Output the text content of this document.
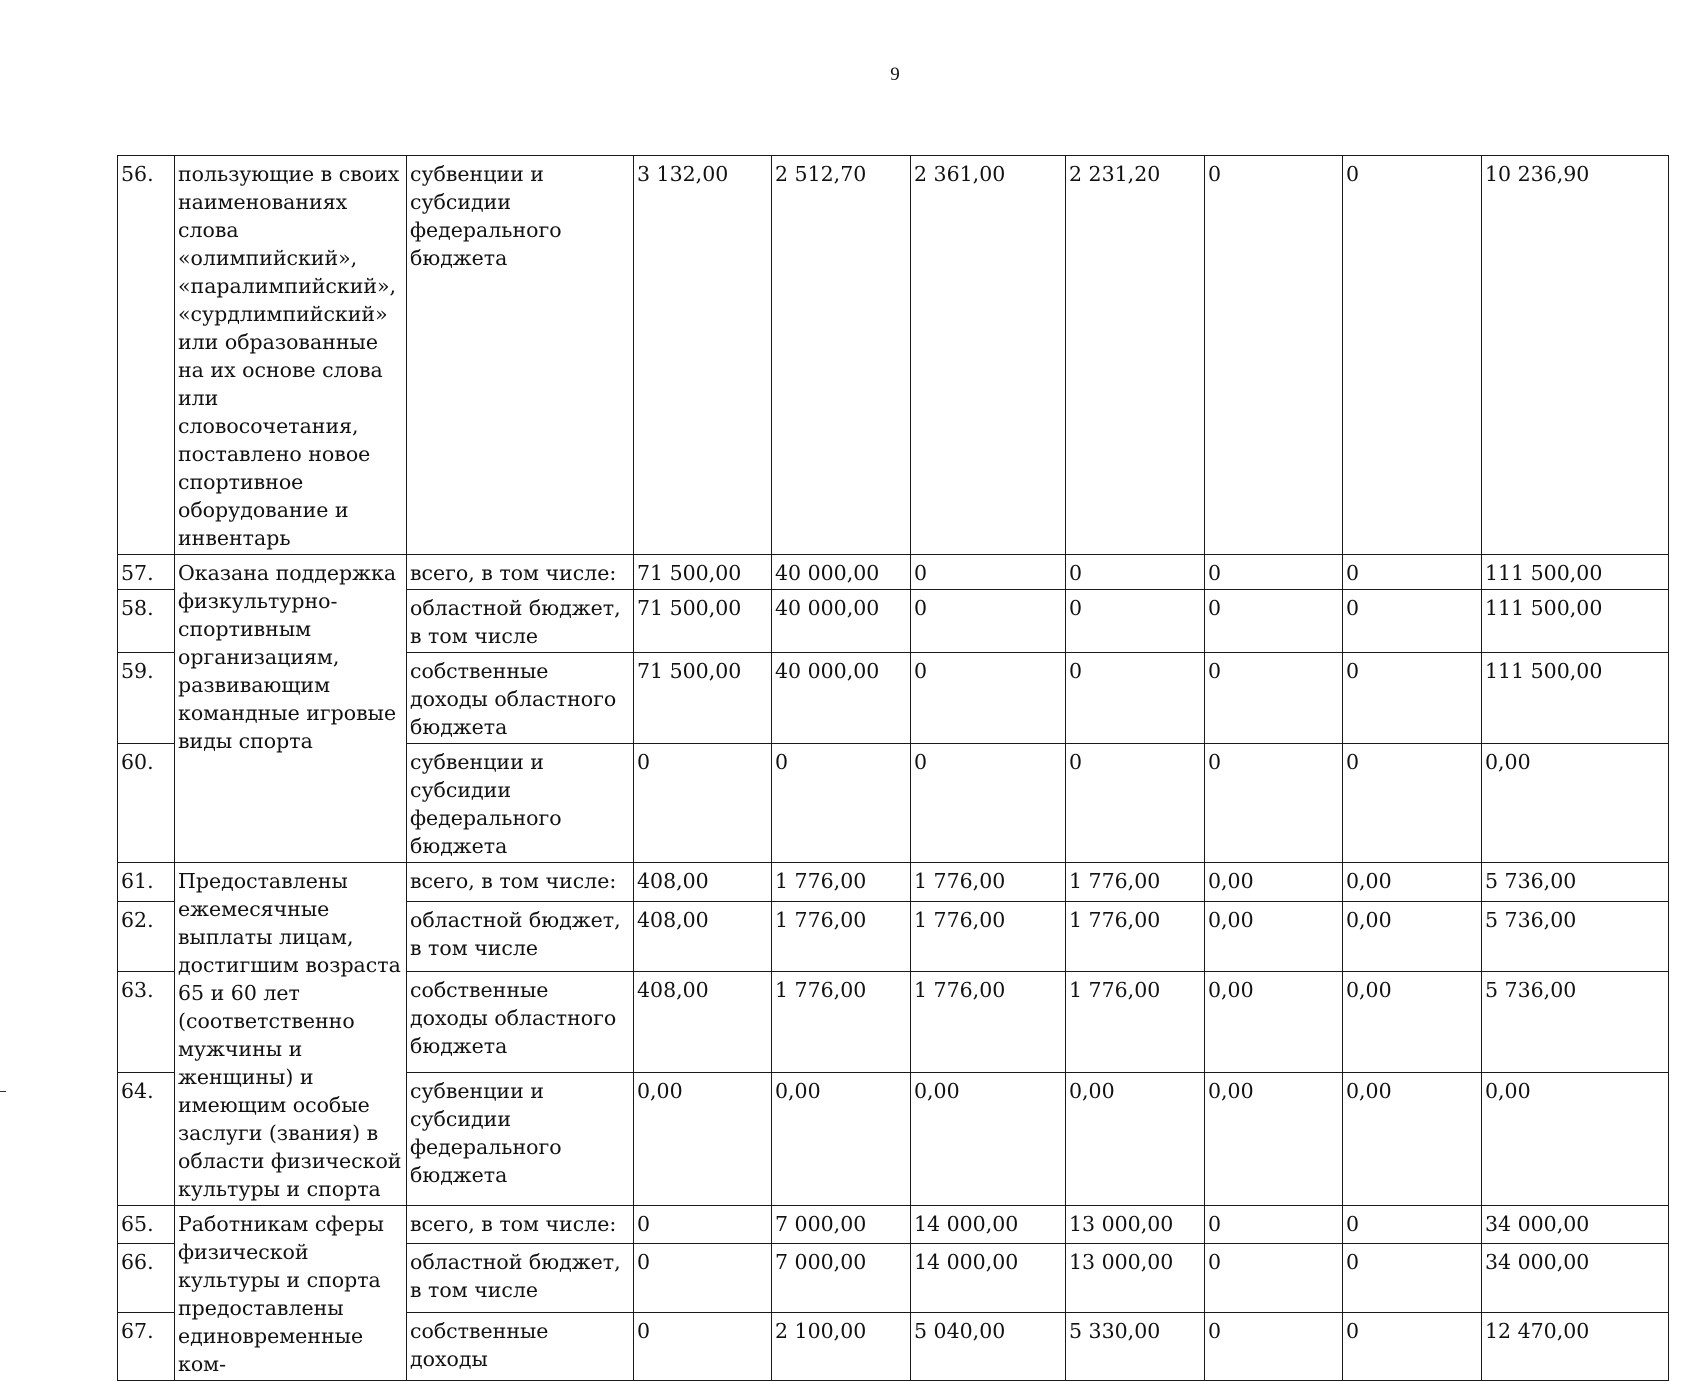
9
56.	пользующие в своих наименованиях слова «олимпийский», «паралимпийский», «сурдлимпийский» или образованные на их основе слова или словосочетания, поставлено новое спортивное оборудование и инвентарь	субвенции и субсидии федерального бюджета	3 132,00	2 512,70	2 361,00	2 231,20	0	0	10 236,90
57.	Оказана поддержка физкультурно-спортивным организациям, развивающим командные игровые виды спорта	всего, в том числе:	71 500,00	40 000,00	0	0	0	0	111 500,00
58.		областной бюджет, в том числе	71 500,00	40 000,00	0	0	0	0	111 500,00
59.		собственные доходы областного бюджета	71 500,00	40 000,00	0	0	0	0	111 500,00
60.		субвенции и субсидии федерального бюджета	0	0	0	0	0	0	0,00
61.	Предоставлены ежемесячные выплаты лицам, достигшим возраста 65 и 60 лет (соответственно мужчины и женщины) и имеющим особые заслуги (звания) в области физической культуры и спорта	всего, в том числе:	408,00	1 776,00	1 776,00	1 776,00	0,00	0,00	5 736,00
62.		областной бюджет, в том числе	408,00	1 776,00	1 776,00	1 776,00	0,00	0,00	5 736,00
63.		собственные доходы областного бюджета	408,00	1 776,00	1 776,00	1 776,00	0,00	0,00	5 736,00
64.		субвенции и субсидии федерального бюджета	0,00	0,00	0,00	0,00	0,00	0,00	0,00
65.	Работникам сферы физической культуры и спорта предоставлены единовременные ком-	всего, в том числе:	0	7 000,00	14 000,00	13 000,00	0	0	34 000,00
66.		областной бюджет, в том числе	0	7 000,00	14 000,00	13 000,00	0	0	34 000,00
67.		собственные доходы	0	2 100,00	5 040,00	5 330,00	0	0	12 470,00
